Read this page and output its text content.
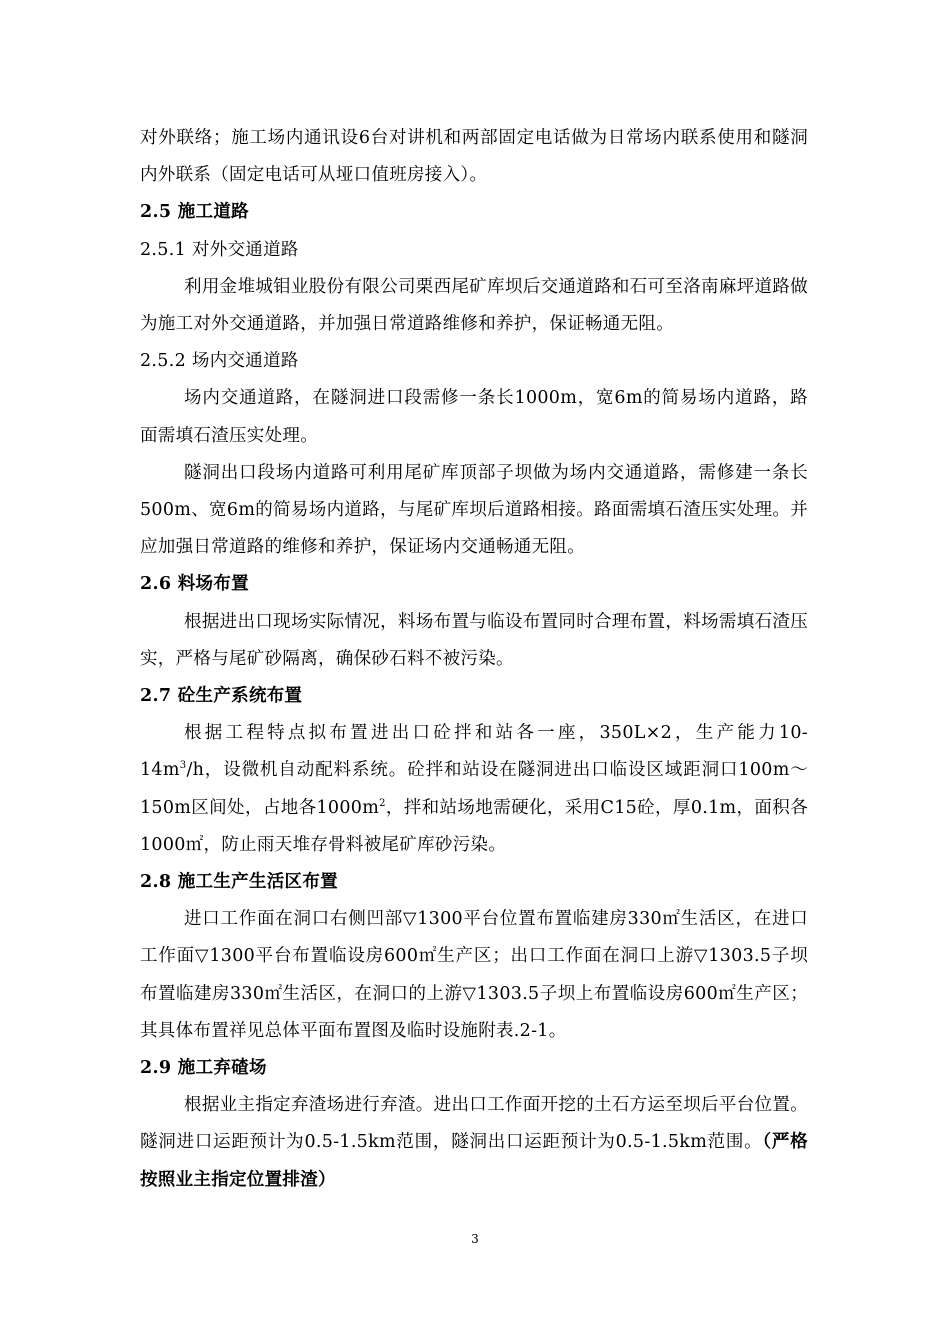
对外联络；施工场内通讯设6台对讲机和两部固定电话做为日常场内联系使用和隧洞内外联系（固定电话可从垭口值班房接入）。

2.5 施工道路

2.5.1 对外交通道路

利用金堆城钼业股份有限公司栗西尾矿库坝后交通道路和石可至洛南麻坪道路做为施工对外交通道路，并加强日常道路维修和养护，保证畅通无阻。

2.5.2 场内交通道路

场内交通道路，在隧洞进口段需修一条长1000m，宽6m的简易场内道路，路面需填石渣压实处理。

隧洞出口段场内道路可利用尾矿库顶部子坝做为场内交通道路，需修建一条长500m、宽6m的简易场内道路，与尾矿库坝后道路相接。路面需填石渣压实处理。并应加强日常道路的维修和养护，保证场内交通畅通无阻。

2.6 料场布置

根据进出口现场实际情况，料场布置与临设布置同时合理布置，料场需填石渣压实，严格与尾矿砂隔离，确保砂石料不被污染。

2.7 砼生产系统布置

根据工程特点拟布置进出口砼拌和站各一座，350L×2，生产能力$10-14m^3/h$，设微机自动配料系统。砼拌和站设在隧洞进出口临设区域距洞口100m～150m区间处，占地各$1000m^2$，拌和站场地需硬化，采用C15砼，厚0.1m，面积各1000㎡，防止雨天堆存骨料被尾矿库砂污染。

2.8 施工生产生活区布置

进口工作面在洞口右侧凹部▽1300平台位置布置临建房330㎡生活区，在进口工作面▽1300平台布置临设房600㎡生产区；出口工作面在洞口上游▽1303.5子坝布置临建房330㎡生活区，在洞口的上游▽1303.5子坝上布置临设房600㎡生产区；其具体布置祥见总体平面布置图及临时设施附表.2-1。

2.9 施工弃碴场

根据业主指定弃渣场进行弃渣。进出口工作面开挖的土石方运至坝后平台位置。隧洞进口运距预计为0.5-1.5km范围，隧洞出口运距预计为0.5-1.5km范围。（严格按照业主指定位置排渣）

3
